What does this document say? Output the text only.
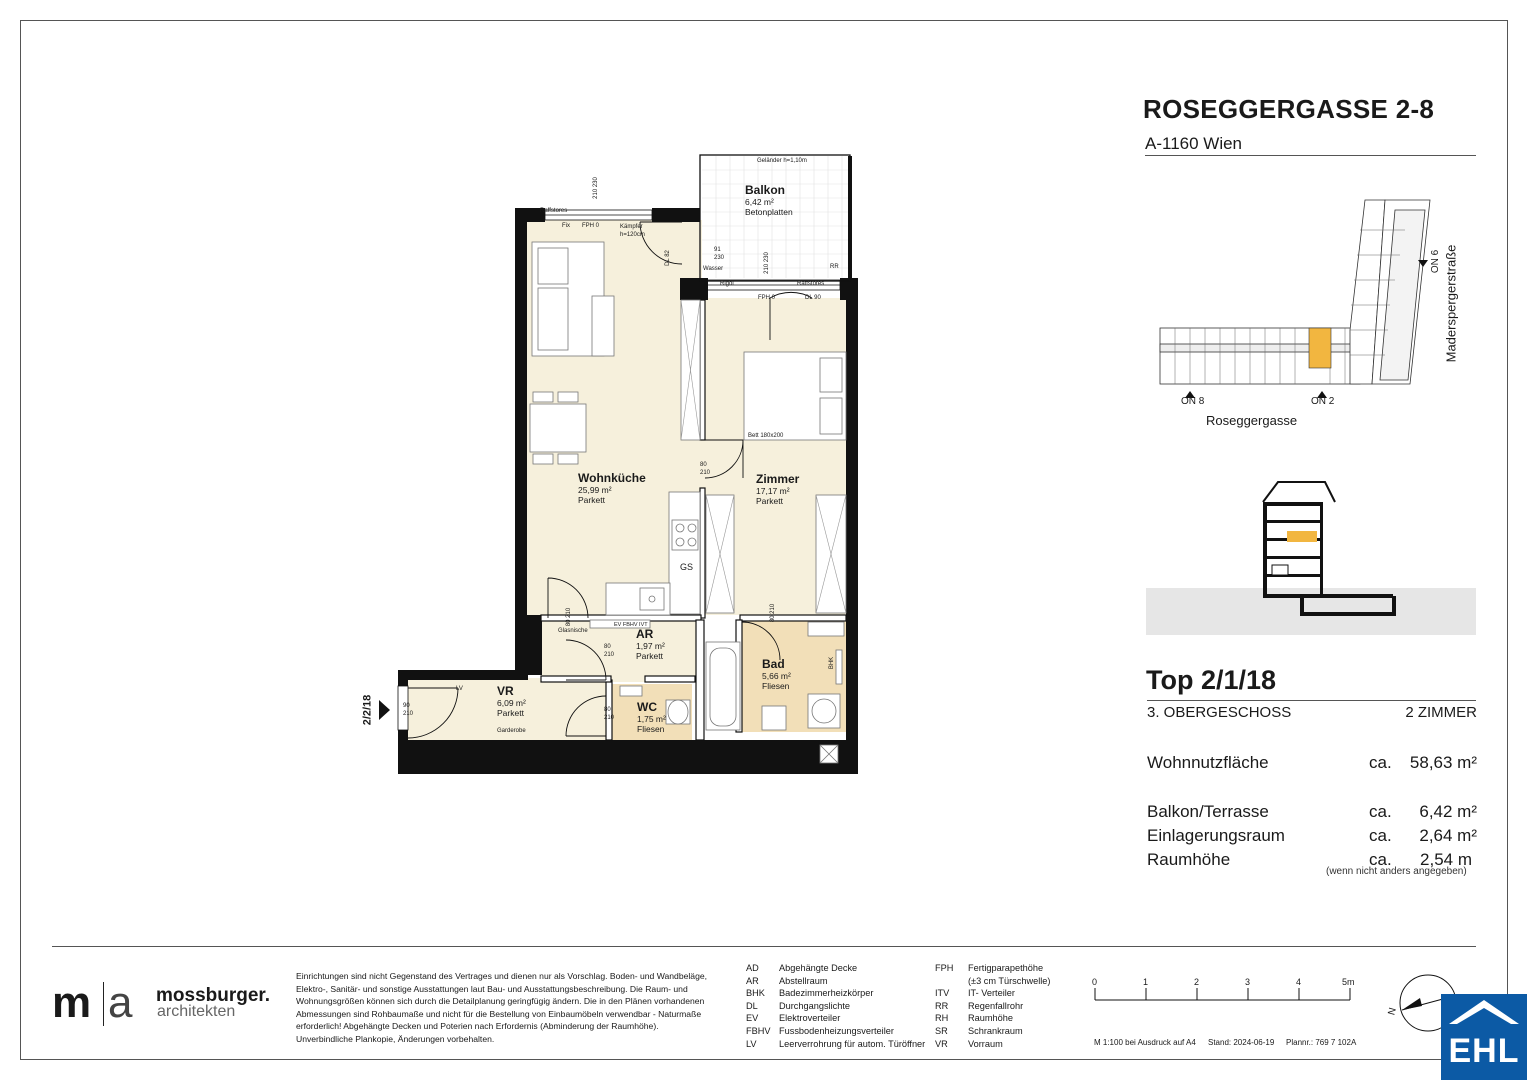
Balkon
6,42 m²
Betonplatten
Wohnküche
25,99 m²
Parkett
Zimmer
17,17 m²
Parkett
AR
1,97 m²
Parkett
Bad
5,66 m²
Fliesen
VR
6,09 m²
Parkett	WC
1,75 m²
Fliesen
Geländer h=1,10m
Raffstores
Fix FPH 0	Kämpfer h=120cm
210 230
Wasser
91 230	210 230
Rigol	Raffstores
FPH 0	DL 90
DL 82
RR
Bett 180x200
80 210
GS
80 210
BHK
80 210
Glasnische
EV FBHV IVT
80 210
80 210
90 210
LV
Garderobe
2/2/18
ROSEGGERGASSE 2-8
A-1160 Wien
ON 8	ON 2
ON 6
Roseggergasse
Maderspergerstraße
Top 2/1/18
3. OBERGESCHOSS	2 ZIMMER
Wohnnutzfläche	ca. 58,63 m²
Balkon/Terrasse	ca. 6,42 m²
Einlagerungsraum	ca. 2,64 m²
Raumhöhe	ca. 2,54 m
(wenn nicht anders angegeben)
m a mossburger.
architekten
Einrichtungen sind nicht Gegenstand des Vertrages und dienen nur als Vorschlag. Boden- und Wandbeläge, Elektro-, Sanitär- und sonstige Ausstattungen laut Bau- und Ausstattungsbeschreibung. Die Raum- und Wohnungsgrößen können sich durch die Detailplanung geringfügig ändern. Die in den Plänen vorhandenen Abmessungen sind Rohbaumaße und nicht für die Bestellung von Einbaumöbeln verwendbar - Naturmaße erforderlich! Abgehängte Decken und Poterien nach Erfordernis (Abminderung der Raumhöhe). Unverbindliche Plankopie, Änderungen vorbehalten.
AD Abgehängte Decke
AR Abstellraum
BHK Badezimmerheizkörper
DL Durchgangslichte
EV Elektroverteiler
FBHV Fussbodenheizungsverteiler
LV Leerverrohrung für autom. Türöffner
FPH Fertigparapethöhe
(±3 cm Türschwelle)
ITV IT- Verteiler
RR Regenfallrohr
RH Raumhöhe
SR Schrankraum
VR Vorraum
0	1	2	3	4	5m
M 1:100 bei Ausdruck auf A4 Stand: 2024-06-19 Plannr.: 769 7 102A
N
EHL
